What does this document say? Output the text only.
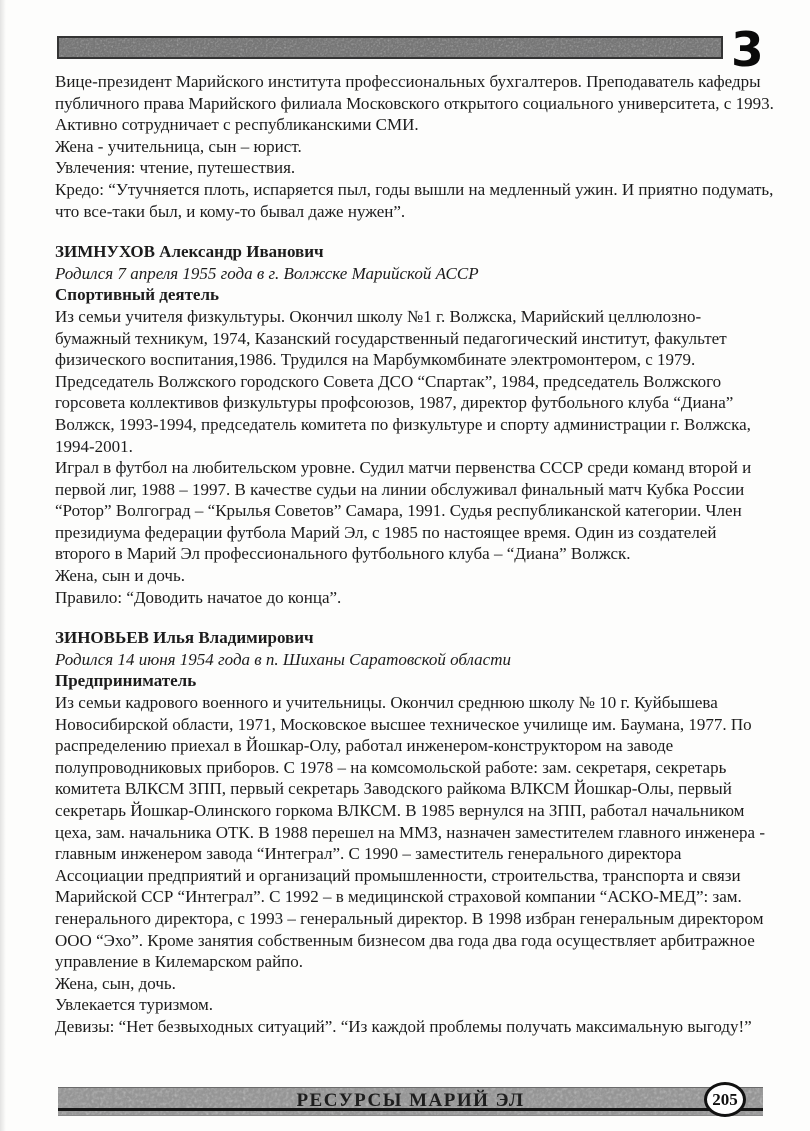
3

Вице-президент Марийского института профессиональных бухгалтеров. Преподаватель кафедры публичного права Марийского филиала Московского открытого социального университета, с 1993. Активно сотрудничает с республиканскими СМИ.

Жена - учительница, сын – юрист.

Увлечения: чтение, путешествия.

Кредо: “Утучняется плоть, испаряется пыл, годы вышли на медленный ужин. И приятно подумать, что все-таки был, и кому-то бывал даже нужен”.

ЗИМНУХОВ Александр Иванович

Родился 7 апреля 1955 года в г. Волжске Марийской АССР

Спортивный деятель

Из семьи учителя физкультуры. Окончил школу №1 г. Волжска, Марийский целлюлозно-бумажный техникум, 1974, Казанский государственный педагогический институт, факультет физического воспитания,1986. Трудился на Марбумкомбинате электромонтером, с 1979. Председатель Волжского городского Совета ДСО “Спартак”, 1984, председатель Волжского горсовета коллективов физкультуры профсоюзов, 1987, директор футбольного клуба “Диана” Волжск, 1993-1994, председатель комитета по физкультуре и спорту администрации г. Волжска, 1994-2001.

Играл в футбол на любительском уровне. Судил матчи первенства СССР среди команд второй и первой лиг, 1988 – 1997. В качестве судьи на линии обслуживал финальный матч Кубка России “Ротор” Волгоград – “Крылья Советов” Самара, 1991. Судья республиканской категории. Член президиума федерации футбола Марий Эл, с 1985 по настоящее время. Один из создателей второго в Марий Эл профессионального футбольного клуба – “Диана” Волжск.

Жена, сын и дочь.

Правило: “Доводить начатое до конца”.

ЗИНОВЬЕВ Илья Владимирович

Родился 14 июня 1954 года в п. Шиханы Саратовской области

Предприниматель

Из семьи кадрового военного и учительницы. Окончил среднюю школу № 10 г. Куйбышева Новосибирской области, 1971, Московское высшее техническое училище им. Баумана, 1977. По распределению приехал в Йошкар-Олу, работал инженером-конструктором на заводе полупроводниковых приборов. С 1978 – на комсомольской работе: зам. секретаря, секретарь комитета ВЛКСМ ЗПП, первый секретарь Заводского райкома ВЛКСМ Йошкар-Олы, первый секретарь Йошкар-Олинского горкома ВЛКСМ. В 1985 вернулся на ЗПП, работал начальником цеха, зам. начальника ОТК. В 1988 перешел на ММЗ, назначен заместителем главного инженера - главным инженером завода “Интеграл”. С 1990 – заместитель генерального директора Ассоциации предприятий и организаций промышленности, строительства, транспорта и связи Марийской ССР “Интеграл”. С 1992 – в медицинской страховой компании “АСКО-МЕД”: зам. генерального директора, с 1993 – генеральный директор. В 1998 избран генеральным директором ООО “Эхо”. Кроме занятия собственным бизнесом два года два года осуществляет арбитражное управление в Килемарском райпо.

Жена, сын, дочь.

Увлекается туризмом.

Девизы: “Нет безвыходных ситуаций”. “Из каждой проблемы получать максимальную выгоду!”

РЕСУРСЫ МАРИЙ ЭЛ	205
